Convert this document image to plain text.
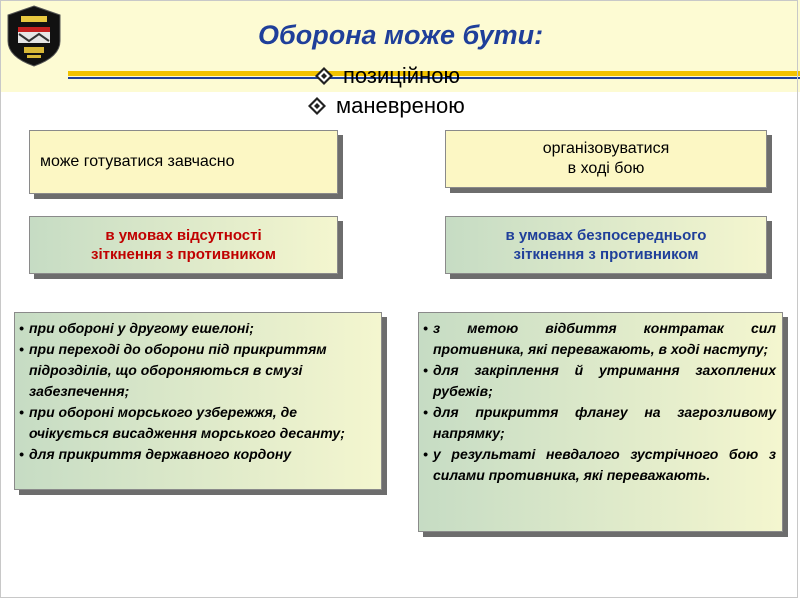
Оборона може бути:
позиційною
маневреною
може готуватися завчасно
організовуватися
в ході бою
в умовах відсутності
зіткнення з противником
в умовах безпосереднього
зіткнення з противником
• при обороні у другому ешелоні;
• при переході до оборони під прикриттям підрозділів, що обороняються в смузі забезпечення;
• при обороні морського узбережжя, де очікується висадження морського десанту;
• для прикриття державного кордону
• з метою відбиття контратак сил противника, які переважають, в ході наступу;
• для закріплення й утримання захоплених рубежів;
• для прикриття флангу на загрозливому напрямку;
• у результаті невдалого зустрічного бою з силами противника, які переважають.
